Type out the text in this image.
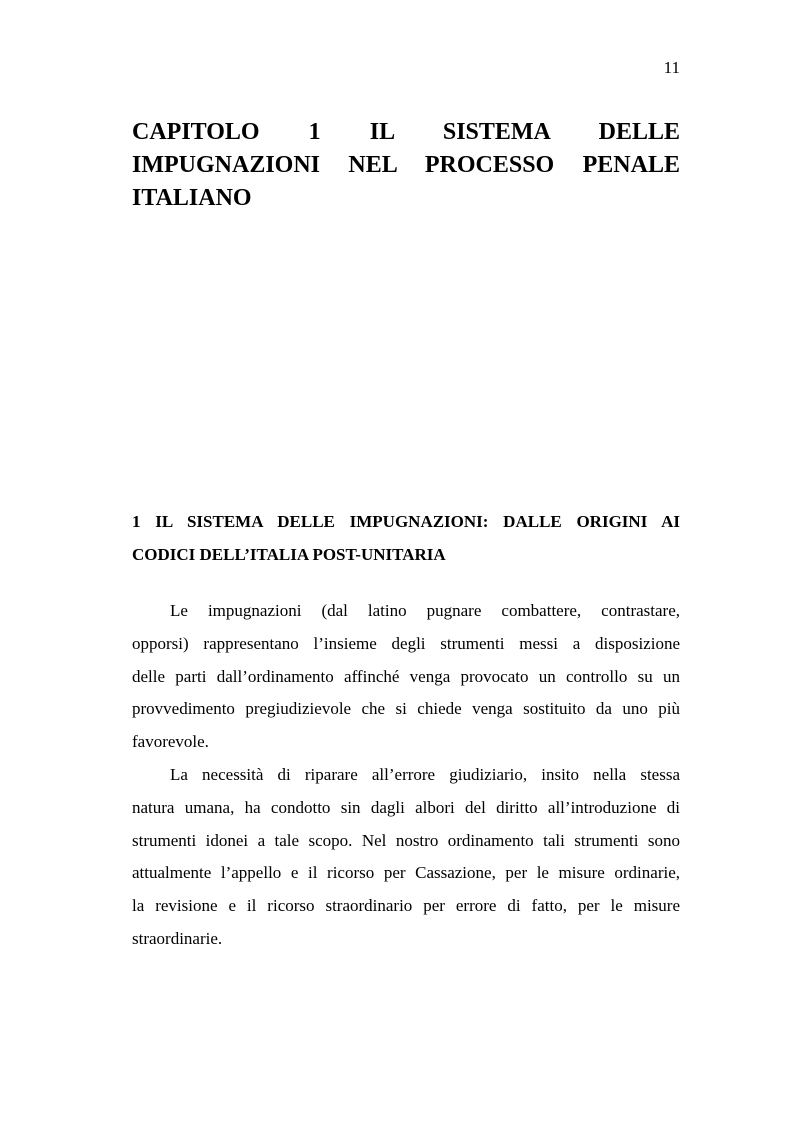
11
CAPITOLO 1 IL SISTEMA DELLE
IMPUGNAZIONI NEL PROCESSO PENALE
ITALIANO
1 IL SISTEMA DELLE IMPUGNAZIONI: DALLE ORIGINI AI
CODICI DELL’ITALIA POST-UNITARIA

Le impugnazioni (dal latino pugnare combattere, contrastare,
opporsi) rappresentano l’insieme degli strumenti messi a disposizione
delle parti dall’ordinamento affinché venga provocato un controllo su un
provvedimento pregiudizievole che si chiede venga sostituito da uno più
favorevole.

La necessità di riparare all’errore giudiziario, insito nella stessa
natura umana, ha condotto sin dagli albori del diritto all’introduzione di
strumenti idonei a tale scopo. Nel nostro ordinamento tali strumenti sono
attualmente l’appello e il ricorso per Cassazione, per le misure ordinarie,
la revisione e il ricorso straordinario per errore di fatto, per le misure
straordinarie.
